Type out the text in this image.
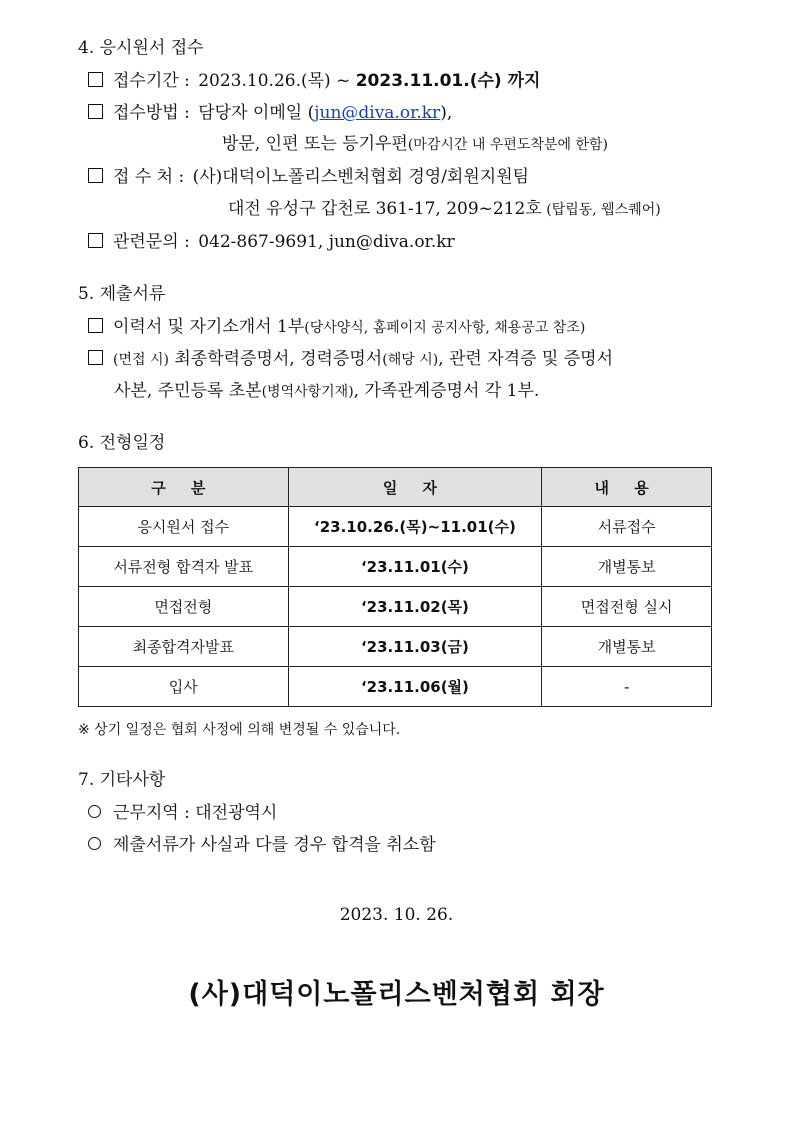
4. 응시원서 접수
접수기간 : 2023.10.26.(목) ~ 2023.11.01.(수) 까지
접수방법 : 담당자 이메일 (jun@diva.or.kr),
방문, 인편 또는 등기우편(마감시간 내 우편도착분에 한함)
접 수 처 : (사)대덕이노폴리스벤처협회 경영/회원지원팀
대전 유성구 갑천로 361-17, 209~212호 (탑립동, 웹스퀘어)
관련문의 : 042-867-9691, jun@diva.or.kr
5. 제출서류
이력서 및 자기소개서 1부(당사양식, 홈페이지 공지사항, 채용공고 참조)
(면접 시) 최종학력증명서, 경력증명서(해당 시), 관련 자격증 및 증명서
사본, 주민등록 초본(병역사항기재), 가족관계증명서 각 1부.
6. 전형일정
구 분	일 자	내 용
응시원서 접수	‘23.10.26.(목)~11.01(수)	서류접수
서류전형 합격자 발표	‘23.11.01(수)	개별통보
면접전형	‘23.11.02(목)	면접전형 실시
최종합격자발표	‘23.11.03(금)	개별통보
입사	‘23.11.06(월)	-
※ 상기 일정은 협회 사정에 의해 변경될 수 있습니다.
7. 기타사항
근무지역 : 대전광역시
제출서류가 사실과 다를 경우 합격을 취소함
2023. 10. 26.
(사)대덕이노폴리스벤처협회 회장
